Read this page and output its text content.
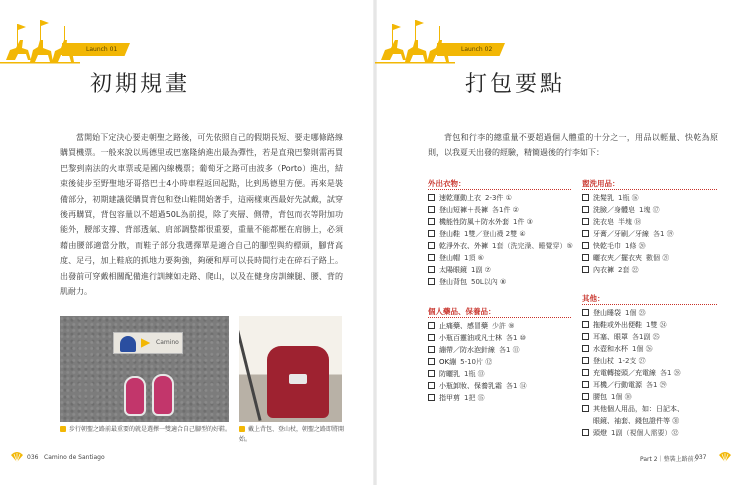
Launch 01
初期規畫
當開始下定決心要走朝聖之路後，可先依照自己的假期長短、要走哪條路線購買機票。一般來說以馬德里或巴塞隆納進出最為彈性，若是直飛巴黎則需再買巴黎到南法的火車票或是國內線機票；葡萄牙之路可由波多（Porto）進出，結束後徒步至野聖地牙哥搭巴士4小時車程返回起點，比到馬德里方便。再來是裝備部分，初期建議從購買背包和登山鞋開始著手，這兩樣東西最好先試戴，試穿後再購買，背包容量以不超過50L為前提，除了夾層、側帶，背包而衣等附加功能外，腰部支撐、背部透氣、肩部調整都很重要，重量不能都壓在肩膀上，必須藉由腰部適當分散，而鞋子部分我選擇單是適合自己的腳型與約標頭，腳背高度、足弓，加上鞋底的抓地力要夠強，夠硬和厚可以長時間行走在碎石子路上。出發前可穿戴相關配備進行訓練如走路、爬山，以及在健身房訓練腿、腰、背的肌耐力。
▲ Camino
步行朝聖之路前最重要的就是選擇一雙適合自己腳型的好鞋。	戴上背包、登山杖，朝聖之路即將開始。
036 Camino de Santiago
Launch 02
打包要點
背包和行李的總重量不要超過個人體重的十分之一，用品以輕量、快乾為原則，以我夏天出發的經驗，精簡過後的行李如下：
外出衣物：
速乾運動上衣 2-3件 ①
登山短褲＋長褲 各1件 ②
機能性防風＋防水外套 1件 ③
登山鞋 1雙／登山襪 2雙 ④
乾淨外衣、外褲 1套（洗完澡、睡覺穿）⑤
登山帽 1頂 ⑥
太陽眼鏡 1副 ⑦
登山背包 50L以內 ⑧
個人藥品、保養品：
止痛藥、感冒藥 少許 ⑨
小瓶百靈油或凡士林 各1 ⑩
繃帶／防水泡針線 各1 ⑪
OK繃 5-10片 ⑫
防曬乳 1瓶 ⑬
小瓶卸妝、保養乳霜 各1 ⑭
指甲剪 1把 ⑮
盥洗用品：
洗髮乳 1瓶 ⑯
洗臉／身體皂 1塊 ⑰
洗衣皂 半塊 ⑱
牙膏／牙刷／牙線 各1 ⑲
快乾毛巾 1條 ⑳
曬衣夾／擺衣夾 數個 ㉑
內衣褲 2套 ㉒
其他：
登山睡袋 1個 ㉓
拖鞋或外出便鞋 1雙 ㉔
耳塞、眼罩 各1副 ㉕
水壺和水杯 1個 ㉖
登山杖 1-2支 ㉗
充電轉接頭／充電線 各1 ㉘
耳機／行動電源 各1 ㉙
腰包 1個 ㉚
其他個人用品，如：日記本、
眼鏡、袖套、錢包證件等 ㉛
頭燈 1副（視個人需要）㉜
Part 2｜整裝上路前夕
037
